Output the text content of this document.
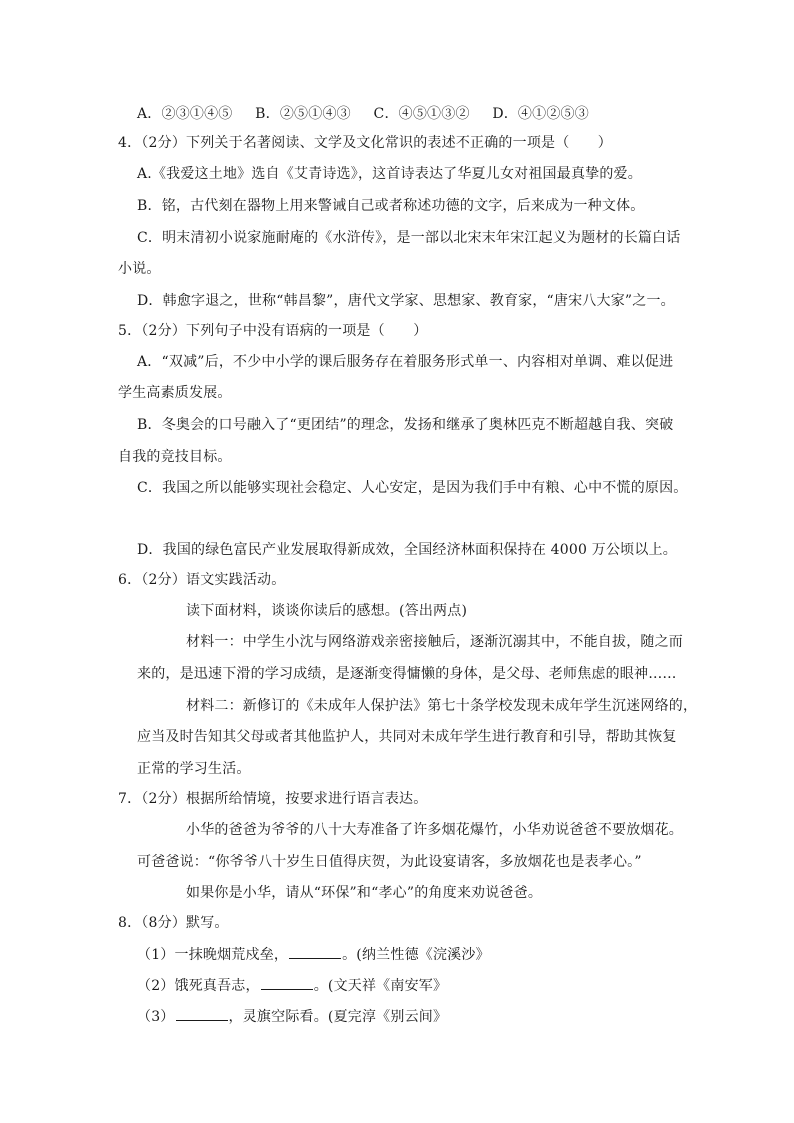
A．②③①④⑤ B．②⑤①④③ C．④⑤①③② D．④①②⑤③
4．（2分）下列关于名著阅读、文学及文化常识的表述不正确的一项是（　　）
A.《我爱这土地》选自《艾青诗选》，这首诗表达了华夏儿女对祖国最真挚的爱。
B．铭，古代刻在器物上用来警诫自己或者称述功德的文字，后来成为一种文体。
C．明末清初小说家施耐庵的《水浒传》，是一部以北宋末年宋江起义为题材的长篇白话
小说。
D．韩愈字退之，世称“韩昌黎”，唐代文学家、思想家、教育家，“唐宋八大家”之一。
5．（2分）下列句子中没有语病的一项是（　　）
A．“双减”后，不少中小学的课后服务存在着服务形式单一、内容相对单调、难以促进
学生高素质发展。
B．冬奥会的口号融入了“更团结”的理念，发扬和继承了奥林匹克不断超越自我、突破
自我的竞技目标。
C．我国之所以能够实现社会稳定、人心安定，是因为我们手中有粮、心中不慌的原因。
D．我国的绿色富民产业发展取得新成效，全国经济林面积保持在 4000 万公顷以上。
6．（2分）语文实践活动。
读下面材料，谈谈你读后的感想。(答出两点)
材料一：中学生小沈与网络游戏亲密接触后，逐渐沉溺其中，不能自拔，随之而
来的，是迅速下滑的学习成绩，是逐渐变得慵懒的身体，是父母、老师焦虑的眼神……
材料二：新修订的《未成年人保护法》第七十条学校发现未成年学生沉迷网络的，
应当及时告知其父母或者其他监护人，共同对未成年学生进行教育和引导，帮助其恢复
正常的学习生活。
7．（2分）根据所给情境，按要求进行语言表达。
小华的爸爸为爷爷的八十大寿准备了许多烟花爆竹，小华劝说爸爸不要放烟花。
可爸爸说：“你爷爷八十岁生日值得庆贺，为此设宴请客，多放烟花也是表孝心。”
如果你是小华，请从“环保”和“孝心”的角度来劝说爸爸。
8．（8分）默写。
（1）一抹晚烟荒戍垒，	。(纳兰性德《浣溪沙》
（2）饿死真吾志，	。(文天祥《南安军》
（3）	，灵旗空际看。(夏完淳《别云间》
